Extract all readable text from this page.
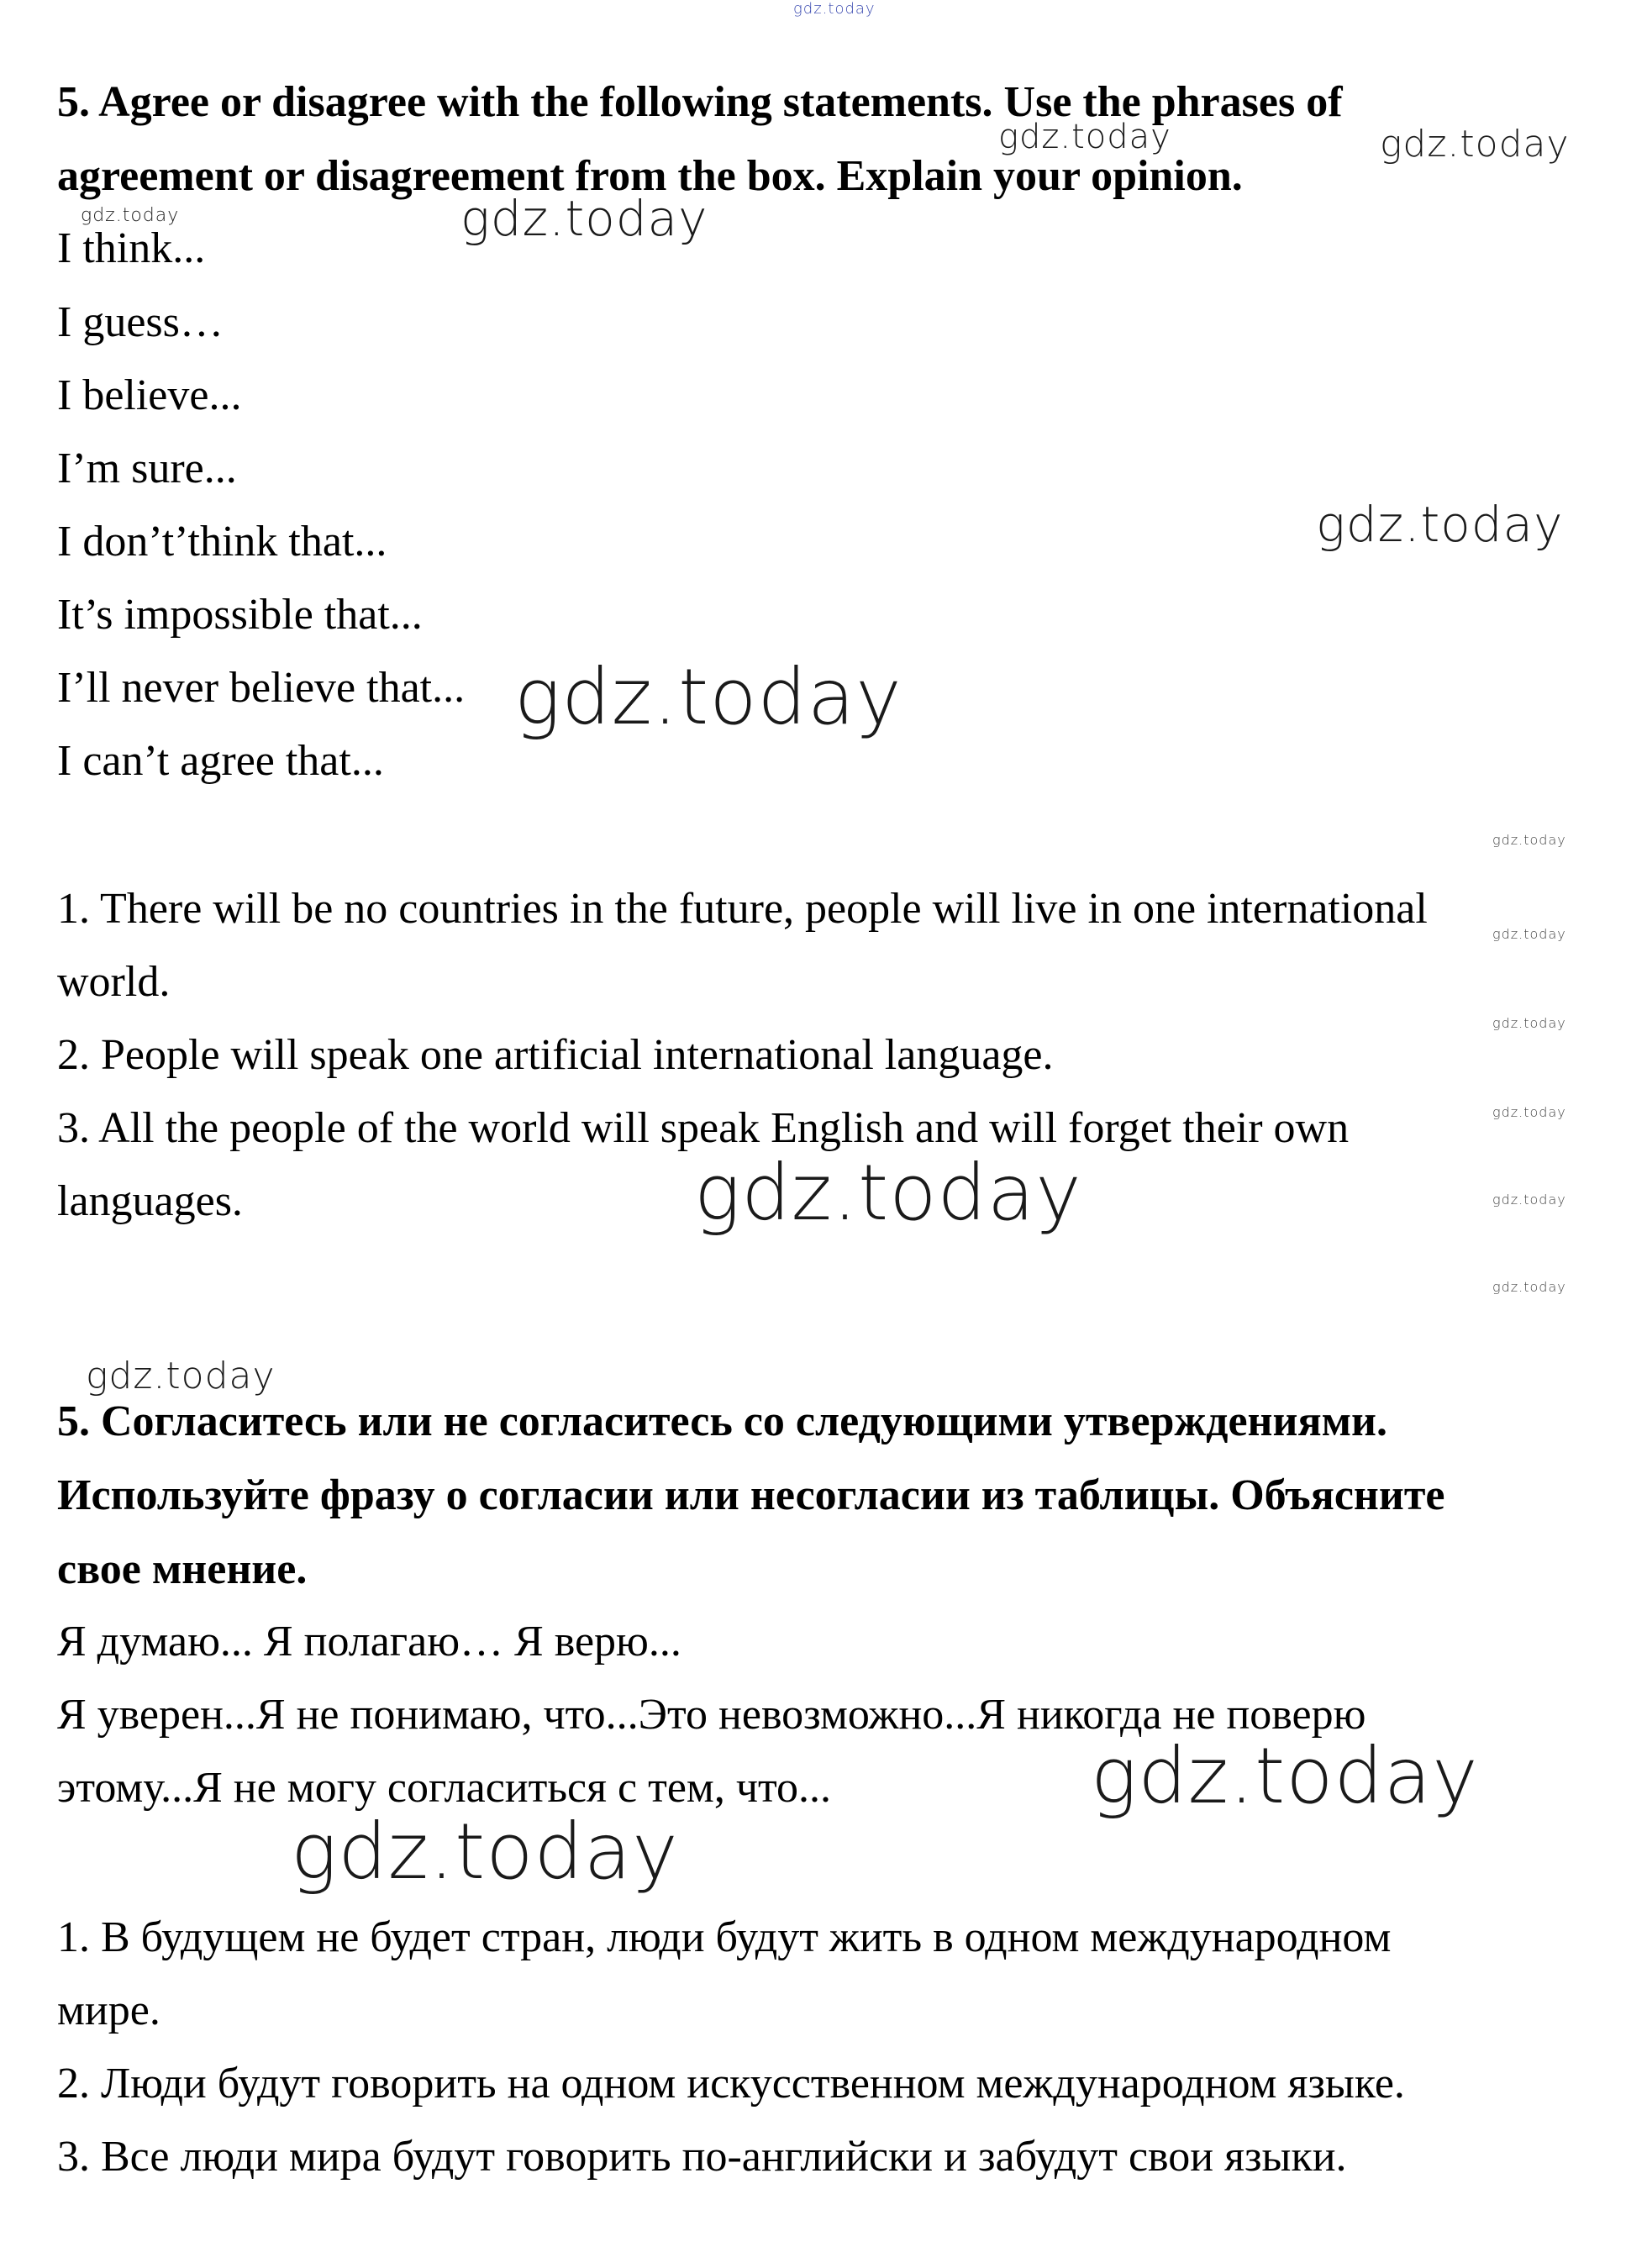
gdz.today
gdz.today	gdz.today
gdz.today	gdz.today
gdz.today
gdz.today
gdz.today
gdz.today
gdz.today
gdz.today
gdz.today
gdz.today
gdz.today
gdz.today
gdz.today
gdz.today
5. Agree or disagree with the following statements. Use the phrases of
agreement or disagreement from the box. Explain your opinion.
I think...
I guess…
I believe...
I’m sure...
I don’t’think that...
It’s impossible that...
I’ll never believe that...
I can’t agree that...
1. There will be no countries in the future, people will live in one international
world.
2. People will speak one artificial international language.
3. All the people of the world will speak English and will forget their own
languages.
5. Согласитесь или не согласитесь со следующими утверждениями.
Используйте фразу о согласии или несогласии из таблицы. Объясните
свое мнение.
Я думаю... Я полагаю… Я верю...
Я уверен...Я не понимаю, что...Это невозможно...Я никогда не поверю
этому...Я не могу согласиться с тем, что...
1. В будущем не будет стран, люди будут жить в одном международном
мире.
2. Люди будут говорить на одном искусственном международном языке.
3. Все люди мира будут говорить по-английски и забудут свои языки.
